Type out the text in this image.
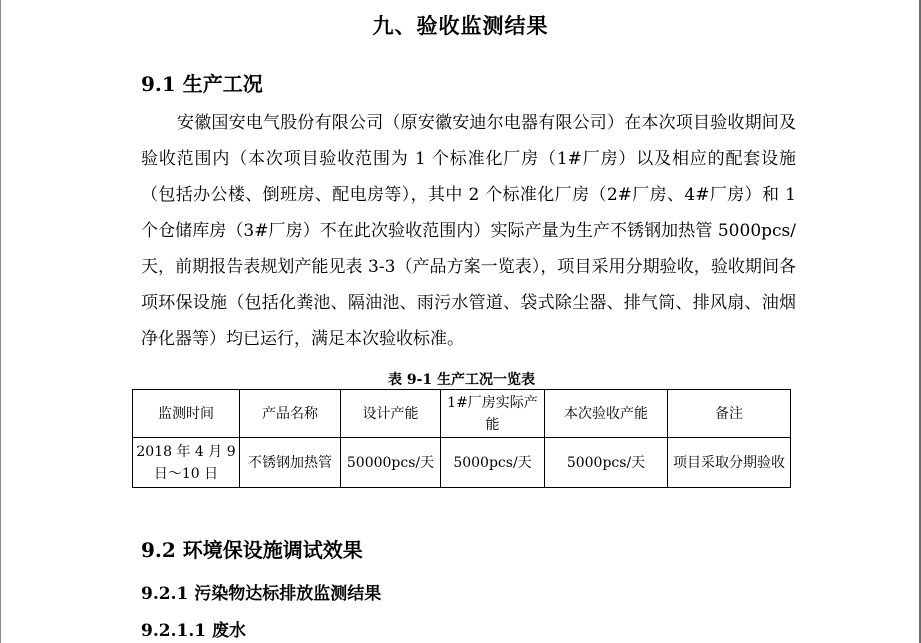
九、验收监测结果
9.1 生产工况

安徽国安电气股份有限公司（原安徽安迪尔电器有限公司）在本次项目验收期间及验收范围内（本次项目验收范围为 1 个标准化厂房（1#厂房）以及相应的配套设施（包括办公楼、倒班房、配电房等），其中 2 个标准化厂房（2#厂房、4#厂房）和 1 个仓储库房（3#厂房）不在此次验收范围内）实际产量为生产不锈钢加热管 5000pcs/天，前期报告表规划产能见表 3-3（产品方案一览表），项目采用分期验收，验收期间各项环保设施（包括化粪池、隔油池、雨污水管道、袋式除尘器、排气筒、排风扇、油烟净化器等）均已运行，满足本次验收标准。

表 9-1 生产工况一览表
监测时间	产品名称	设计产能	1#厂房实际产能	本次验收产能	备注
2018 年 4 月 9 日～10 日	不锈钢加热管	50000pcs/天	5000pcs/天	5000pcs/天	项目采取分期验收
9.2 环境保设施调试效果
9.2.1 污染物达标排放监测结果
9.2.1.1 废水
